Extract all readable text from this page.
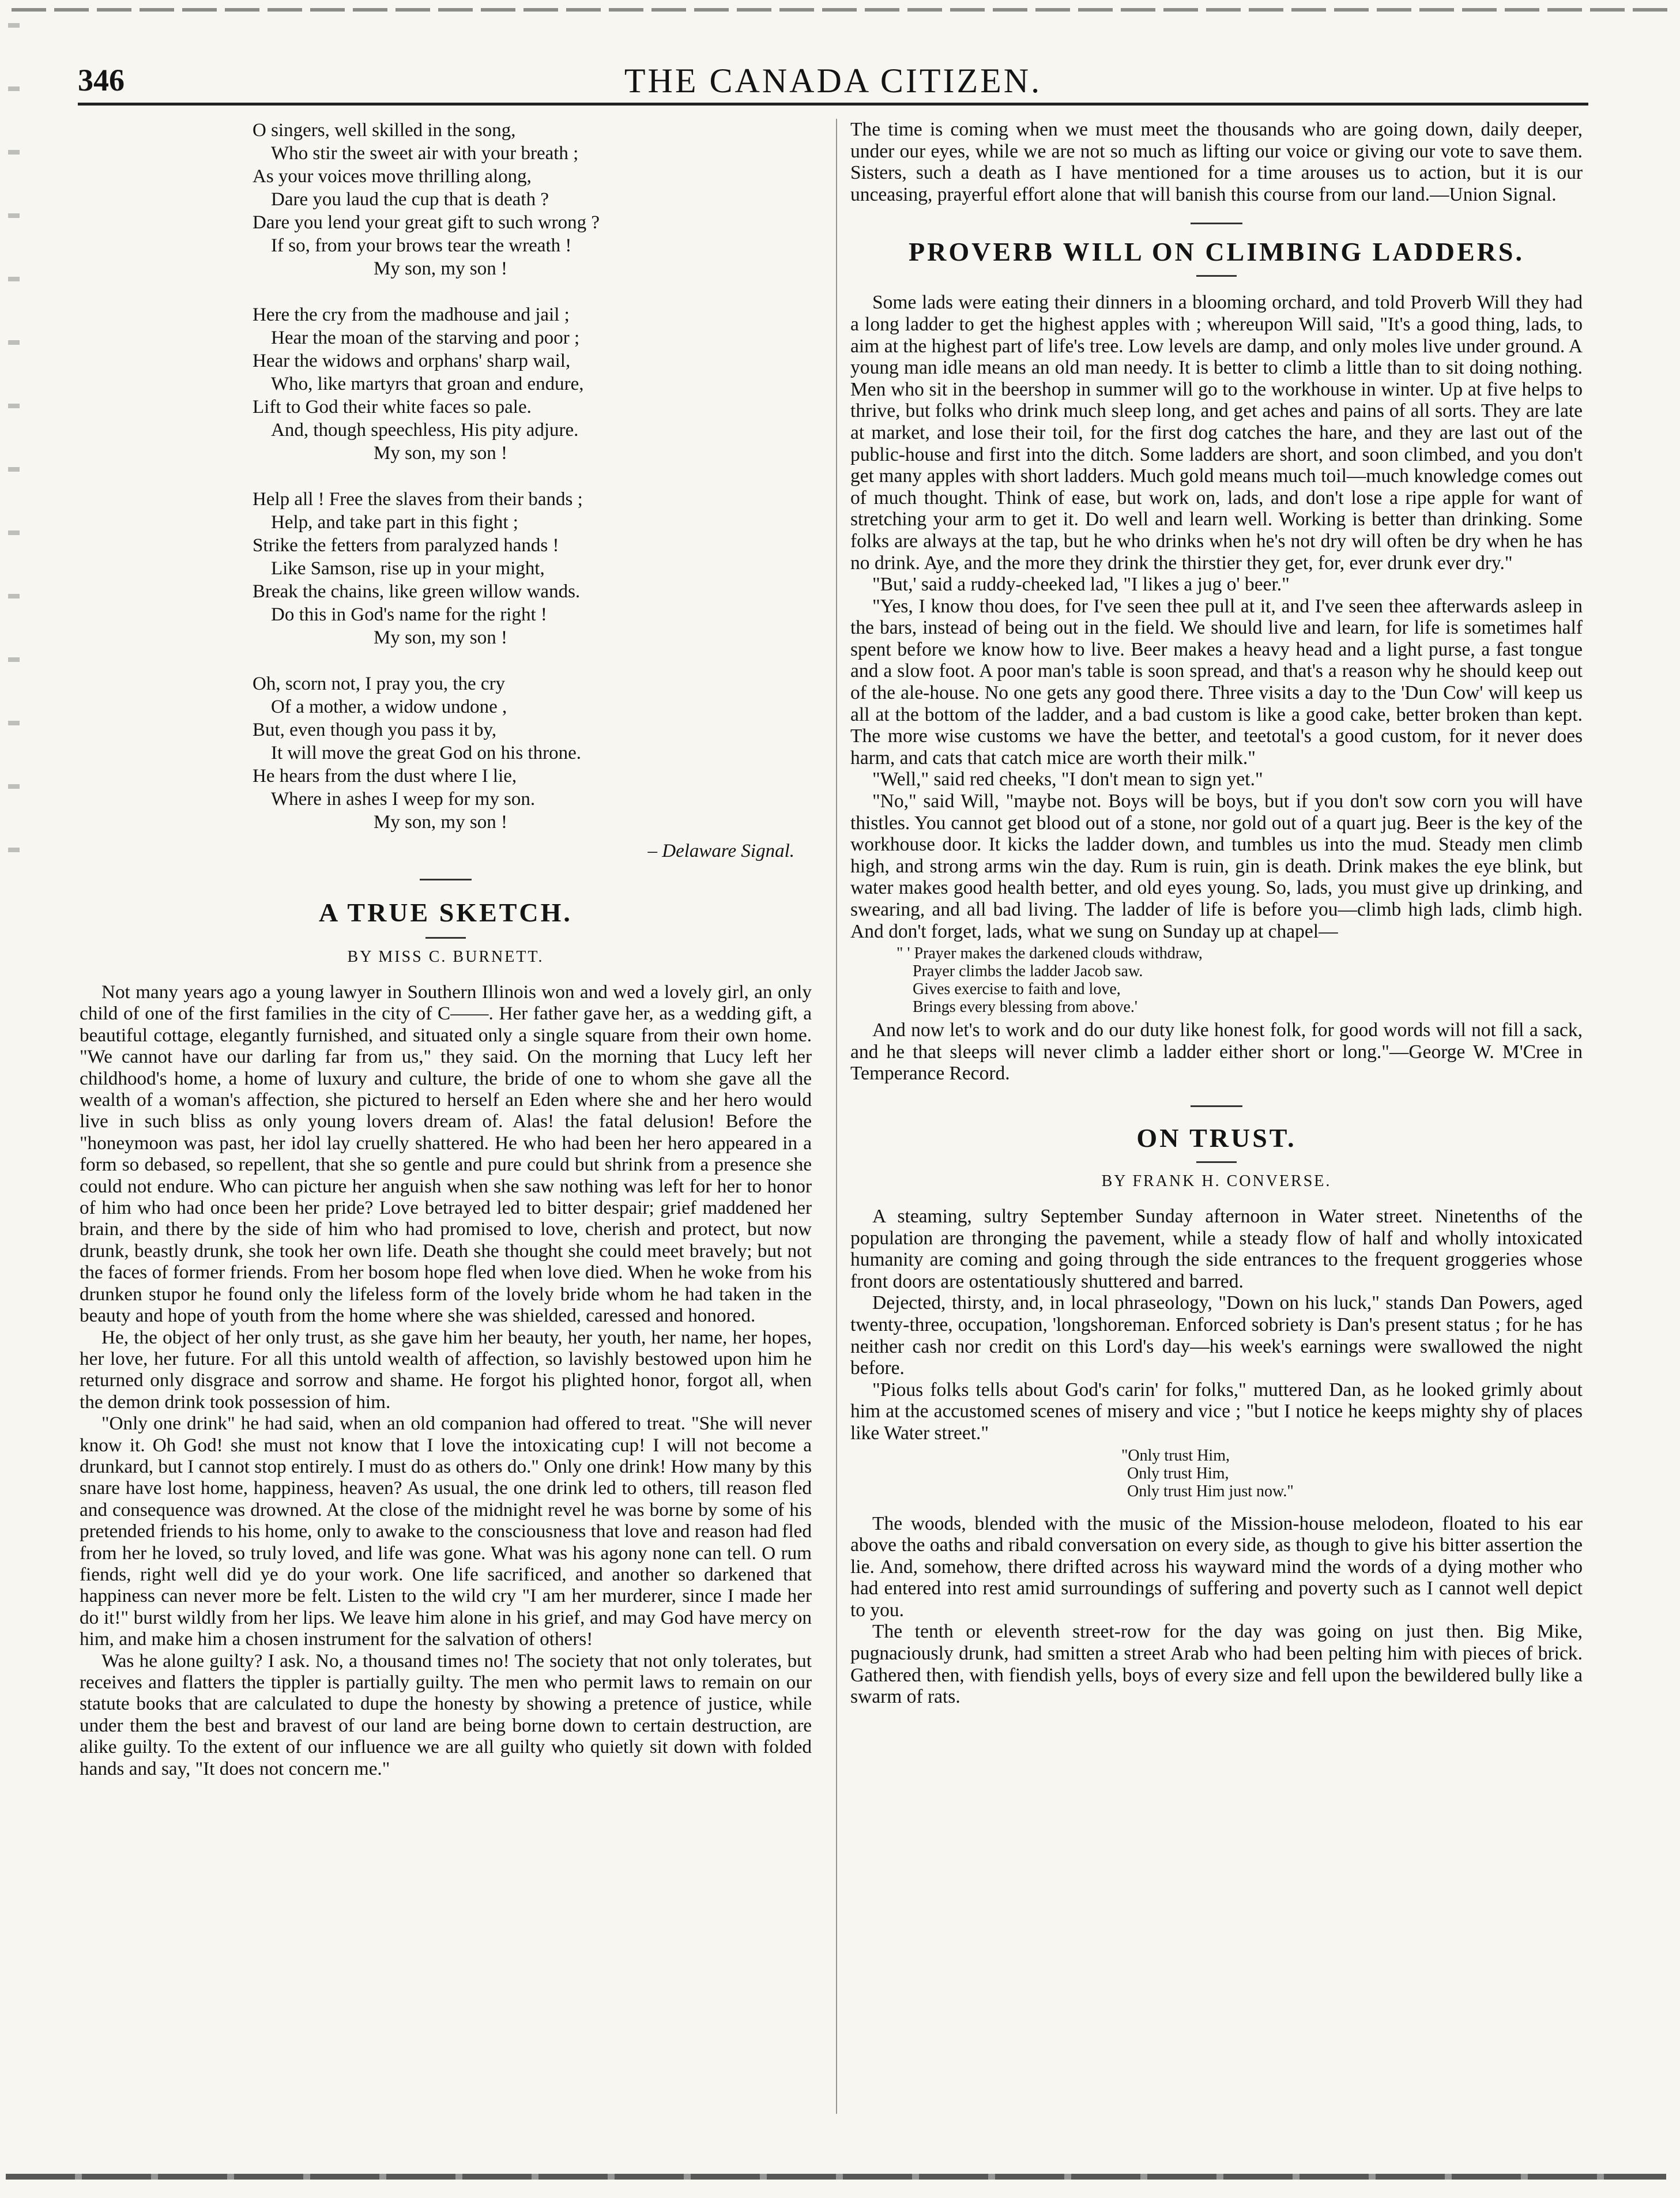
346	THE CANADA CITIZEN.
O singers, well skilled in the song,
Who stir the sweet air with your breath ;
As your voices move thrilling along,
Dare you laud the cup that is death ?
Dare you lend your great gift to such wrong ?
If so, from your brows tear the wreath !
My son, my son !
Here the cry from the madhouse and jail ;
Hear the moan of the starving and poor ;
Hear the widows and orphans' sharp wail,
Who, like martyrs that groan and endure,
Lift to God their white faces so pale.
And, though speechless, His pity adjure.
My son, my son !
Help all ! Free the slaves from their bands ;
Help, and take part in this fight ;
Strike the fetters from paralyzed hands !
Like Samson, rise up in your might,
Break the chains, like green willow wands.
Do this in God's name for the right !
My son, my son !
Oh, scorn not, I pray you, the cry
Of a mother, a widow undone ,
But, even though you pass it by,
It will move the great God on his throne.
He hears from the dust where I lie,
Where in ashes I weep for my son.
My son, my son !
– Delaware Signal.
A TRUE SKETCH.
BY MISS C. BURNETT.

Not many years ago a young lawyer in Southern Illinois won and wed a lovely girl, an only child of one of the first families in the city of C——. Her father gave her, as a wedding gift, a beautiful cottage, elegantly furnished, and situated only a single square from their own home. "We cannot have our darling far from us," they said. On the morning that Lucy left her childhood's home, a home of luxury and culture, the bride of one to whom she gave all the wealth of a woman's affection, she pictured to herself an Eden where she and her hero would live in such bliss as only young lovers dream of. Alas! the fatal delusion! Before the "honeymoon was past, her idol lay cruelly shattered. He who had been her hero appeared in a form so debased, so repellent, that she so gentle and pure could but shrink from a presence she could not endure. Who can picture her anguish when she saw nothing was left for her to honor of him who had once been her pride? Love betrayed led to bitter despair; grief maddened her brain, and there by the side of him who had promised to love, cherish and protect, but now drunk, beastly drunk, she took her own life. Death she thought she could meet bravely; but not the faces of former friends. From her bosom hope fled when love died. When he woke from his drunken stupor he found only the lifeless form of the lovely bride whom he had taken in the beauty and hope of youth from the home where she was shielded, caressed and honored.

He, the object of her only trust, as she gave him her beauty, her youth, her name, her hopes, her love, her future. For all this untold wealth of affection, so lavishly bestowed upon him he returned only disgrace and sorrow and shame. He forgot his plighted honor, forgot all, when the demon drink took possession of him.

"Only one drink" he had said, when an old companion had offered to treat. "She will never know it. Oh God! she must not know that I love the intoxicating cup! I will not become a drunkard, but I cannot stop entirely. I must do as others do." Only one drink! How many by this snare have lost home, happiness, heaven? As usual, the one drink led to others, till reason fled and consequence was drowned. At the close of the midnight revel he was borne by some of his pretended friends to his home, only to awake to the consciousness that love and reason had fled from her he loved, so truly loved, and life was gone. What was his agony none can tell. O rum fiends, right well did ye do your work. One life sacrificed, and another so darkened that happiness can never more be felt. Listen to the wild cry "I am her murderer, since I made her do it!" burst wildly from her lips. We leave him alone in his grief, and may God have mercy on him, and make him a chosen instrument for the salvation of others!

Was he alone guilty? I ask. No, a thousand times no! The society that not only tolerates, but receives and flatters the tippler is partially guilty. The men who permit laws to remain on our statute books that are calculated to dupe the honesty by showing a pretence of justice, while under them the best and bravest of our land are being borne down to certain destruction, are alike guilty. To the extent of our influence we are all guilty who quietly sit down with folded hands and say, "It does not concern me."

The time is coming when we must meet the thousands who are going down, daily deeper, under our eyes, while we are not so much as lifting our voice or giving our vote to save them. Sisters, such a death as I have mentioned for a time arouses us to action, but it is our unceasing, prayerful effort alone that will banish this course from our land.—Union Signal.

PROVERB WILL ON CLIMBING LADDERS.

Some lads were eating their dinners in a blooming orchard, and told Proverb Will they had a long ladder to get the highest apples with ; whereupon Will said, "It's a good thing, lads, to aim at the highest part of life's tree. Low levels are damp, and only moles live under ground. A young man idle means an old man needy. It is better to climb a little than to sit doing nothing. Men who sit in the beershop in summer will go to the workhouse in winter. Up at five helps to thrive, but folks who drink much sleep long, and get aches and pains of all sorts. They are late at market, and lose their toil, for the first dog catches the hare, and they are last out of the public-house and first into the ditch. Some ladders are short, and soon climbed, and you don't get many apples with short ladders. Much gold means much toil—much knowledge comes out of much thought. Think of ease, but work on, lads, and don't lose a ripe apple for want of stretching your arm to get it. Do well and learn well. Working is better than drinking. Some folks are always at the tap, but he who drinks when he's not dry will often be dry when he has no drink. Aye, and the more they drink the thirstier they get, for, ever drunk ever dry."

"But,' said a ruddy-cheeked lad, "I likes a jug o' beer."

"Yes, I know thou does, for I've seen thee pull at it, and I've seen thee afterwards asleep in the bars, instead of being out in the field. We should live and learn, for life is sometimes half spent before we know how to live. Beer makes a heavy head and a light purse, a fast tongue and a slow foot. A poor man's table is soon spread, and that's a reason why he should keep out of the ale-house. No one gets any good there. Three visits a day to the 'Dun Cow' will keep us all at the bottom of the ladder, and a bad custom is like a good cake, better broken than kept. The more wise customs we have the better, and teetotal's a good custom, for it never does harm, and cats that catch mice are worth their milk."

"Well," said red cheeks, "I don't mean to sign yet."

"No," said Will, "maybe not. Boys will be boys, but if you don't sow corn you will have thistles. You cannot get blood out of a stone, nor gold out of a quart jug. Beer is the key of the workhouse door. It kicks the ladder down, and tumbles us into the mud. Steady men climb high, and strong arms win the day. Rum is ruin, gin is death. Drink makes the eye blink, but water makes good health better, and old eyes young. So, lads, you must give up drinking, and swearing, and all bad living. The ladder of life is before you—climb high lads, climb high. And don't forget, lads, what we sung on Sunday up at chapel—

" ' Prayer makes the darkened clouds withdraw,
Prayer climbs the ladder Jacob saw.
Gives exercise to faith and love,
Brings every blessing from above.'

And now let's to work and do our duty like honest folk, for good words will not fill a sack, and he that sleeps will never climb a ladder either short or long."—George W. M'Cree in Temperance Record.

ON TRUST.
BY FRANK H. CONVERSE.

A steaming, sultry September Sunday afternoon in Water street. Ninetenths of the population are thronging the pavement, while a steady flow of half and wholly intoxicated humanity are coming and going through the side entrances to the frequent groggeries whose front doors are ostentatiously shuttered and barred.

Dejected, thirsty, and, in local phraseology, "Down on his luck," stands Dan Powers, aged twenty-three, occupation, 'longshoreman. Enforced sobriety is Dan's present status ; for he has neither cash nor credit on this Lord's day—his week's earnings were swallowed the night before.

"Pious folks tells about God's carin' for folks," muttered Dan, as he looked grimly about him at the accustomed scenes of misery and vice ; "but I notice he keeps mighty shy of places like Water street."

"Only trust Him,
Only trust Him,
Only trust Him just now."

The woods, blended with the music of the Mission-house melodeon, floated to his ear above the oaths and ribald conversation on every side, as though to give his bitter assertion the lie. And, somehow, there drifted across his wayward mind the words of a dying mother who had entered into rest amid surroundings of suffering and poverty such as I cannot well depict to you.

The tenth or eleventh street-row for the day was going on just then. Big Mike, pugnaciously drunk, had smitten a street Arab who had been pelting him with pieces of brick. Gathered then, with fiendish yells, boys of every size and fell upon the bewildered bully like a swarm of rats.
